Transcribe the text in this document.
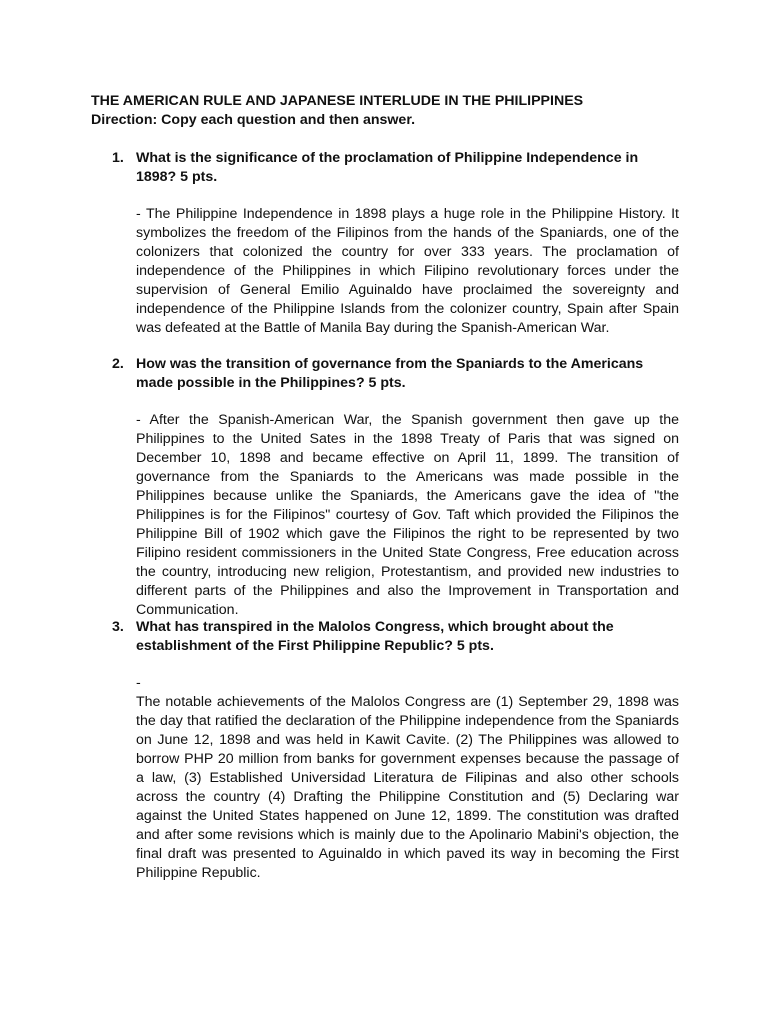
THE AMERICAN RULE AND JAPANESE INTERLUDE IN THE PHILIPPINES
Direction: Copy each question and then answer.
1. What is the significance of the proclamation of Philippine Independence in 1898? 5 pts.
- The Philippine Independence in 1898 plays a huge role in the Philippine History. It symbolizes the freedom of the Filipinos from the hands of the Spaniards, one of the colonizers that colonized the country for over 333 years. The proclamation of independence of the Philippines in which Filipino revolutionary forces under the supervision of General Emilio Aguinaldo have proclaimed the sovereignty and independence of the Philippine Islands from the colonizer country, Spain after Spain was defeated at the Battle of Manila Bay during the Spanish-American War.
2. How was the transition of governance from the Spaniards to the Americans made possible in the Philippines? 5 pts.
- After the Spanish-American War, the Spanish government then gave up the Philippines to the United Sates in the 1898 Treaty of Paris that was signed on December 10, 1898 and became effective on April 11, 1899. The transition of governance from the Spaniards to the Americans was made possible in the Philippines because unlike the Spaniards, the Americans gave the idea of "the Philippines is for the Filipinos" courtesy of Gov. Taft which provided the Filipinos the Philippine Bill of 1902 which gave the Filipinos the right to be represented by two Filipino resident commissioners in the United State Congress, Free education across the country, introducing new religion, Protestantism, and provided new industries to different parts of the Philippines and also the Improvement in Transportation and Communication.
3. What has transpired in the Malolos Congress, which brought about the establishment of the First Philippine Republic? 5 pts.
-
The notable achievements of the Malolos Congress are (1) September 29, 1898 was the day that ratified the declaration of the Philippine independence from the Spaniards on June 12, 1898 and was held in Kawit Cavite. (2) The Philippines was allowed to borrow PHP 20 million from banks for government expenses because the passage of a law, (3) Established Universidad Literatura de Filipinas and also other schools across the country (4) Drafting the Philippine Constitution and (5) Declaring war against the United States happened on June 12, 1899. The constitution was drafted and after some revisions which is mainly due to the Apolinario Mabini's objection, the final draft was presented to Aguinaldo in which paved its way in becoming the First Philippine Republic.
